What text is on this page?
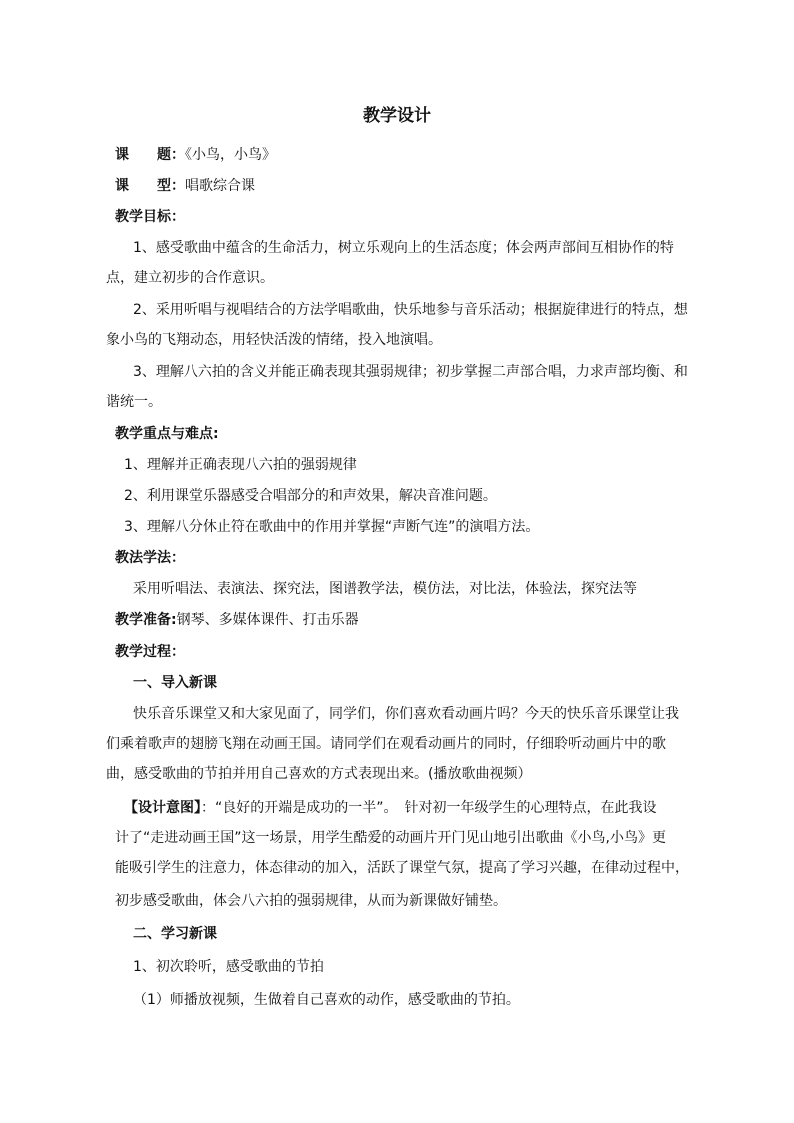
教学设计
课　　题：《小鸟，小鸟》
课　　型：唱歌综合课
教学目标：
1、感受歌曲中蕴含的生命活力，树立乐观向上的生活态度；体会两声部间互相协作的特
点，建立初步的合作意识。
2、采用听唱与视唱结合的方法学唱歌曲，快乐地参与音乐活动；根据旋律进行的特点，想
象小鸟的飞翔动态，用轻快活泼的情绪，投入地演唱。
3、理解八六拍的含义并能正确表现其强弱规律；初步掌握二声部合唱，力求声部均衡、和
谐统一。
教学重点与难点:
1、理解并正确表现八六拍的强弱规律
2、利用课堂乐器感受合唱部分的和声效果，解决音准问题。
3、理解八分休止符在歌曲中的作用并掌握“声断气连”的演唱方法。
教法学法：
采用听唱法、表演法、探究法，图谱教学法，模仿法，对比法，体验法，探究法等
教学准备:钢琴、多媒体课件、打击乐器
教学过程：
一、导入新课
快乐音乐课堂又和大家见面了，同学们，你们喜欢看动画片吗？今天的快乐音乐课堂让我
们乘着歌声的翅膀飞翔在动画王国。请同学们在观看动画片的同时，仔细聆听动画片中的歌
曲，感受歌曲的节拍并用自己喜欢的方式表现出来。(播放歌曲视频）
【设计意图】：“良好的开端是成功的一半”。　针对初一年级学生的心理特点，在此我设
计了“走进动画王国”这一场景，用学生酷爱的动画片开门见山地引出歌曲《小鸟,小鸟》更
能吸引学生的注意力，体态律动的加入，活跃了课堂气氛，提高了学习兴趣，在律动过程中，
初步感受歌曲，体会八六拍的强弱规律，从而为新课做好铺垫。
二、学习新课
1、初次聆听，感受歌曲的节拍
（1）师播放视频，生做着自己喜欢的动作，感受歌曲的节拍。
